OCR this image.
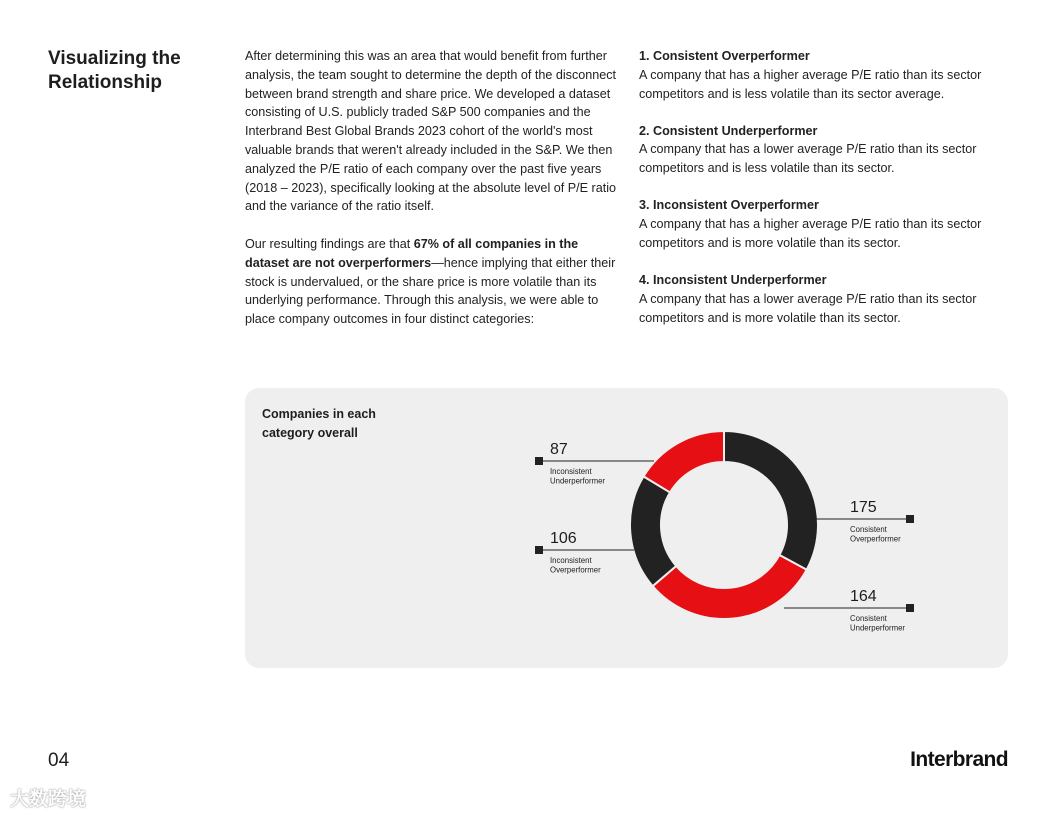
Visualizing the Relationship

After determining this was an area that would benefit from further analysis, the team sought to determine the depth of the disconnect between brand strength and share price. We developed a dataset consisting of U.S. publicly traded S&P 500 companies and the Interbrand Best Global Brands 2023 cohort of the world's most valuable brands that weren't already included in the S&P. We then analyzed the P/E ratio of each company over the past five years (2018 – 2023), specifically looking at the absolute level of P/E ratio and the variance of the ratio itself.

Our resulting findings are that 67% of all companies in the dataset are not overperformers—hence implying that either their stock is undervalued, or the share price is more volatile than its underlying performance. Through this analysis, we were able to place company outcomes in four distinct categories:

1. Consistent Overperformer
A company that has a higher average P/E ratio than its sector competitors and is less volatile than its sector average.
2. Consistent Underperformer
A company that has a lower average P/E ratio than its sector competitors and is less volatile than its sector.
3. Inconsistent Overperformer
A company that has a higher average P/E ratio than its sector competitors and is more volatile than its sector.
4. Inconsistent Underperformer
A company that has a lower average P/E ratio than its sector competitors and is more volatile than its sector.
Companies in each category overall
175
Consistent
Overperformer
164
Consistent
Underperformer
106
Inconsistent
Overperformer
87
Inconsistent
Underperformer
04	Interbrand
大数跨境
